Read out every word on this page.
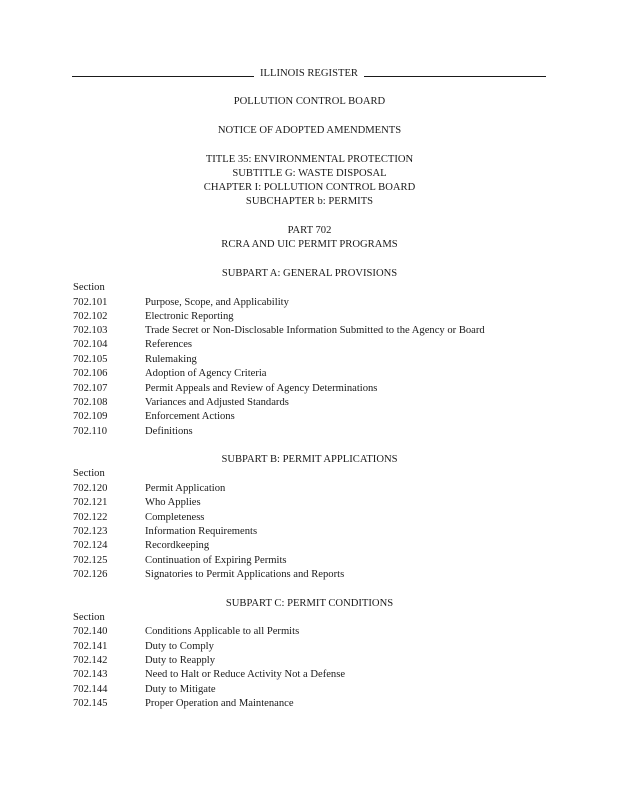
ILLINOIS REGISTER
POLLUTION CONTROL BOARD
NOTICE OF ADOPTED AMENDMENTS
TITLE 35: ENVIRONMENTAL PROTECTION
SUBTITLE G: WASTE DISPOSAL
CHAPTER I: POLLUTION CONTROL BOARD
SUBCHAPTER b: PERMITS
PART 702
RCRA AND UIC PERMIT PROGRAMS
SUBPART A: GENERAL PROVISIONS
Section
702.101	Purpose, Scope, and Applicability
702.102	Electronic Reporting
702.103	Trade Secret or Non-Disclosable Information Submitted to the Agency or Board
702.104	References
702.105	Rulemaking
702.106	Adoption of Agency Criteria
702.107	Permit Appeals and Review of Agency Determinations
702.108	Variances and Adjusted Standards
702.109	Enforcement Actions
702.110	Definitions
SUBPART B: PERMIT APPLICATIONS
Section
702.120	Permit Application
702.121	Who Applies
702.122	Completeness
702.123	Information Requirements
702.124	Recordkeeping
702.125	Continuation of Expiring Permits
702.126	Signatories to Permit Applications and Reports
SUBPART C: PERMIT CONDITIONS
Section
702.140	Conditions Applicable to all Permits
702.141	Duty to Comply
702.142	Duty to Reapply
702.143	Need to Halt or Reduce Activity Not a Defense
702.144	Duty to Mitigate
702.145	Proper Operation and Maintenance
